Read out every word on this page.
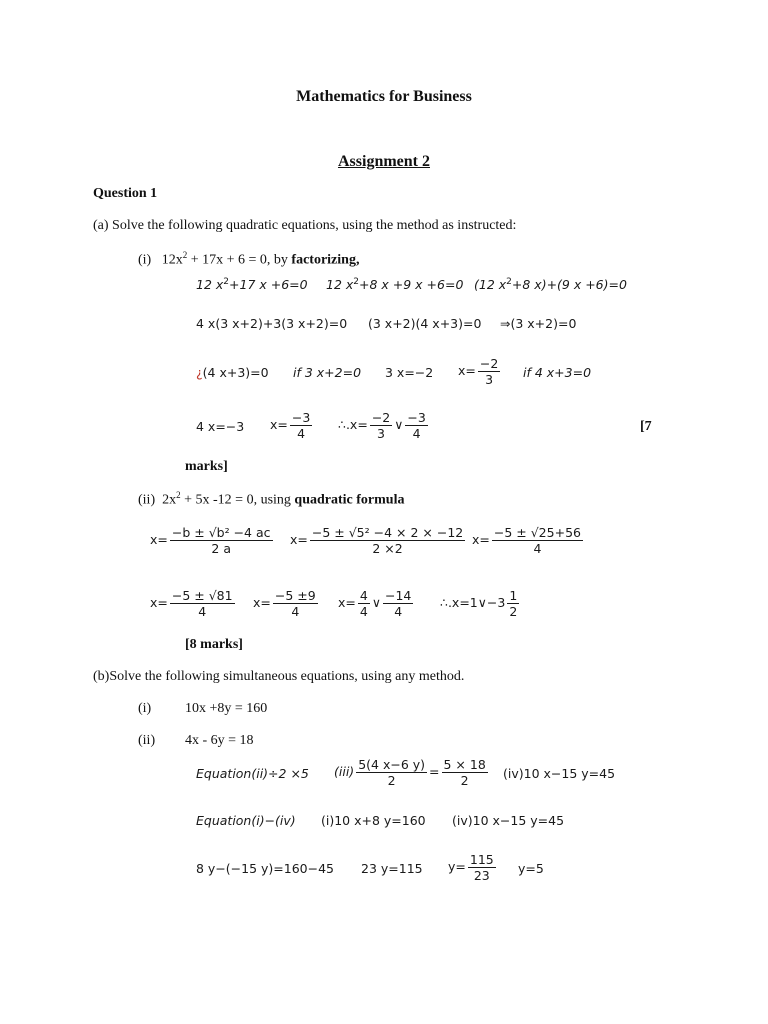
Mathematics for Business
Assignment 2
Question 1
(a) Solve the following quadratic equations, using the method as instructed:
(i) $12x^2 + 17x + 6 = 0$, by factorizing,
12 $x^2+17$ x +6=0 12 $x^2+8$ x +9 x +6=0 (12 $x^2+8$ x)+(9 x +6)=0
4 x(3 x+2)+3(3 x+2)=0 (3 x+2)(4 x+3)=0 ⇒(3 x+2)=0
¿(4 x+3)=0 if 3 x+2=0 3 x=−2 $x= \frac{-2}{3}$ if 4 x+3=0
4 x=−3 $x= \frac{-3}{4}$ ∴.x= $\frac{-2}{3}$ ∨ $\frac{-3}{4}$	[7
marks]
(ii) $2x^2 + 5x$ -12 = 0, using quadratic formula
$x= \frac{\text{−b ± √b² −4 ac}}{2 a} x= \frac{\text{−5 ± √5² −4 × 2 × −12}}{2 \times 2} x= \frac{-5 \pm √25+56}{4}$
$x= \frac{-5 \pm √81}{4} x= \frac{-5 \pm 9}{4} x= \frac{4}{4}$ ∨ $\frac{-14}{4}$ ∴.x=1∨−3 $\frac{1}{2}$
[8 marks]
(b)Solve the following simultaneous equations, using any method.
(i) 10x +8y = 160
(ii) 4x - 6y = 18
Equation(ii)÷2 ×5 $(iii) \frac{5(4 x-6 y)}{2} = \frac{5 \times 18}{2} (iv)10$ x−15 y=45
Equation(i)−(iv) (i)10 x+8 y=160 (iv)10 x−15 y=45
8 y−(−15 y)=160−45 23 y=115 $y= \frac{115}{23} y=5$
